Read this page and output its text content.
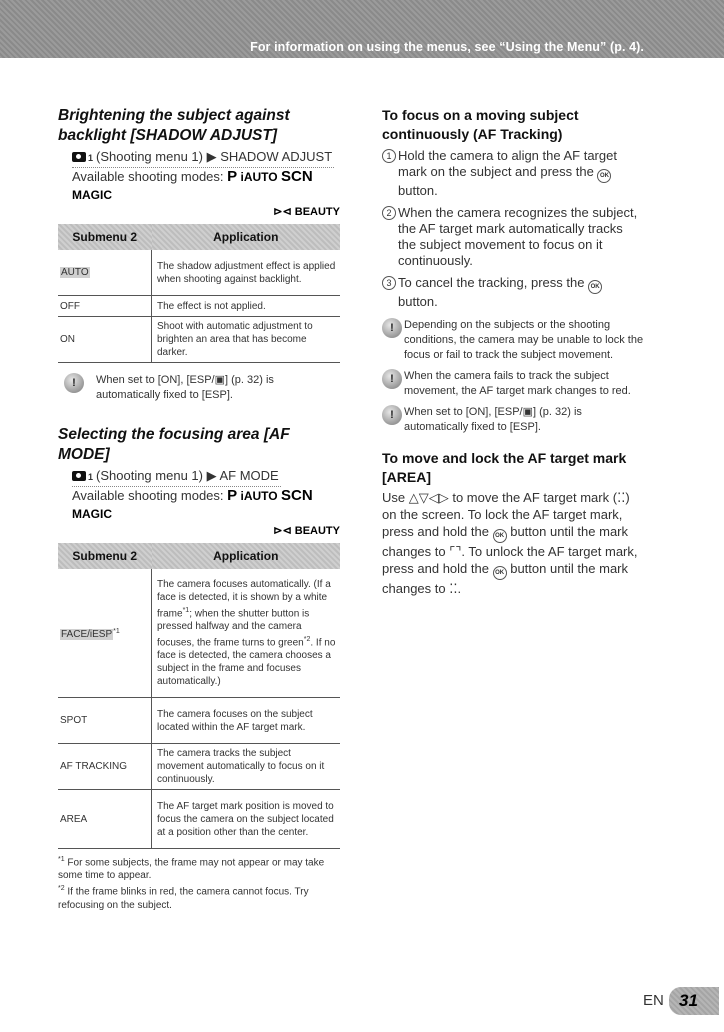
For information on using the menus, see “Using the Menu” (p. 4).
Brightening the subject against
backlight [SHADOW ADJUST]
1 (Shooting menu 1) ▶ SHADOW ADJUST
Available shooting modes: P iAUTO SCN MAGIC
⊳⊲ BEAUTY
Submenu 2	Application
AUTO	The shadow adjustment effect is applied when shooting against backlight.
OFF	The effect is not applied.
ON	Shoot with automatic adjustment to brighten an area that has become darker.
!	When set to [ON], [ESP/▣] (p. 32) is automatically fixed to [ESP].
Selecting the focusing area [AF MODE]
1 (Shooting menu 1) ▶ AF MODE
Available shooting modes: P iAUTO SCN MAGIC
⊳⊲ BEAUTY
Submenu 2	Application
FACE/iESP$^{*1}$	The camera focuses automatically. (If a face is detected, it is shown by a white frame$^{*1}$; when the shutter button is pressed halfway and the camera focuses, the frame turns to green$^{*2}$. If no face is detected, the camera chooses a subject in the frame and focuses automatically.)
SPOT	The camera focuses on the subject located within the AF target mark.
AF TRACKING	The camera tracks the subject movement automatically to focus on it continuously.
AREA	The AF target mark position is moved to focus the camera on the subject located at a position other than the center.
$^{*1}$ For some subjects, the frame may not appear or may take some time to appear.
$^{*2}$ If the frame blinks in red, the camera cannot focus. Try refocusing on the subject.
To focus on a moving subject
continuously (AF Tracking)
1 Hold the camera to align the AF target mark on the subject and press the OK button.
2 When the camera recognizes the subject, the AF target mark automatically tracks the subject movement to focus on it continuously.
3 To cancel the tracking, press the OK button.
! Depending on the subjects or the shooting conditions, the camera may be unable to lock the focus or fail to track the subject movement.
! When the camera fails to track the subject movement, the AF target mark changes to red.
! When set to [ON], [ESP/▣] (p. 32) is automatically fixed to [ESP].
To move and lock the AF target mark
[AREA]
Use △▽◁▷ to move the AF target mark (⁚⁚) on the screen. To lock the AF target mark, press and hold the OK button until the mark changes to ⌜⌝. To unlock the AF target mark, press and hold the OK button until the mark changes to ⁚⁚.
EN 31
